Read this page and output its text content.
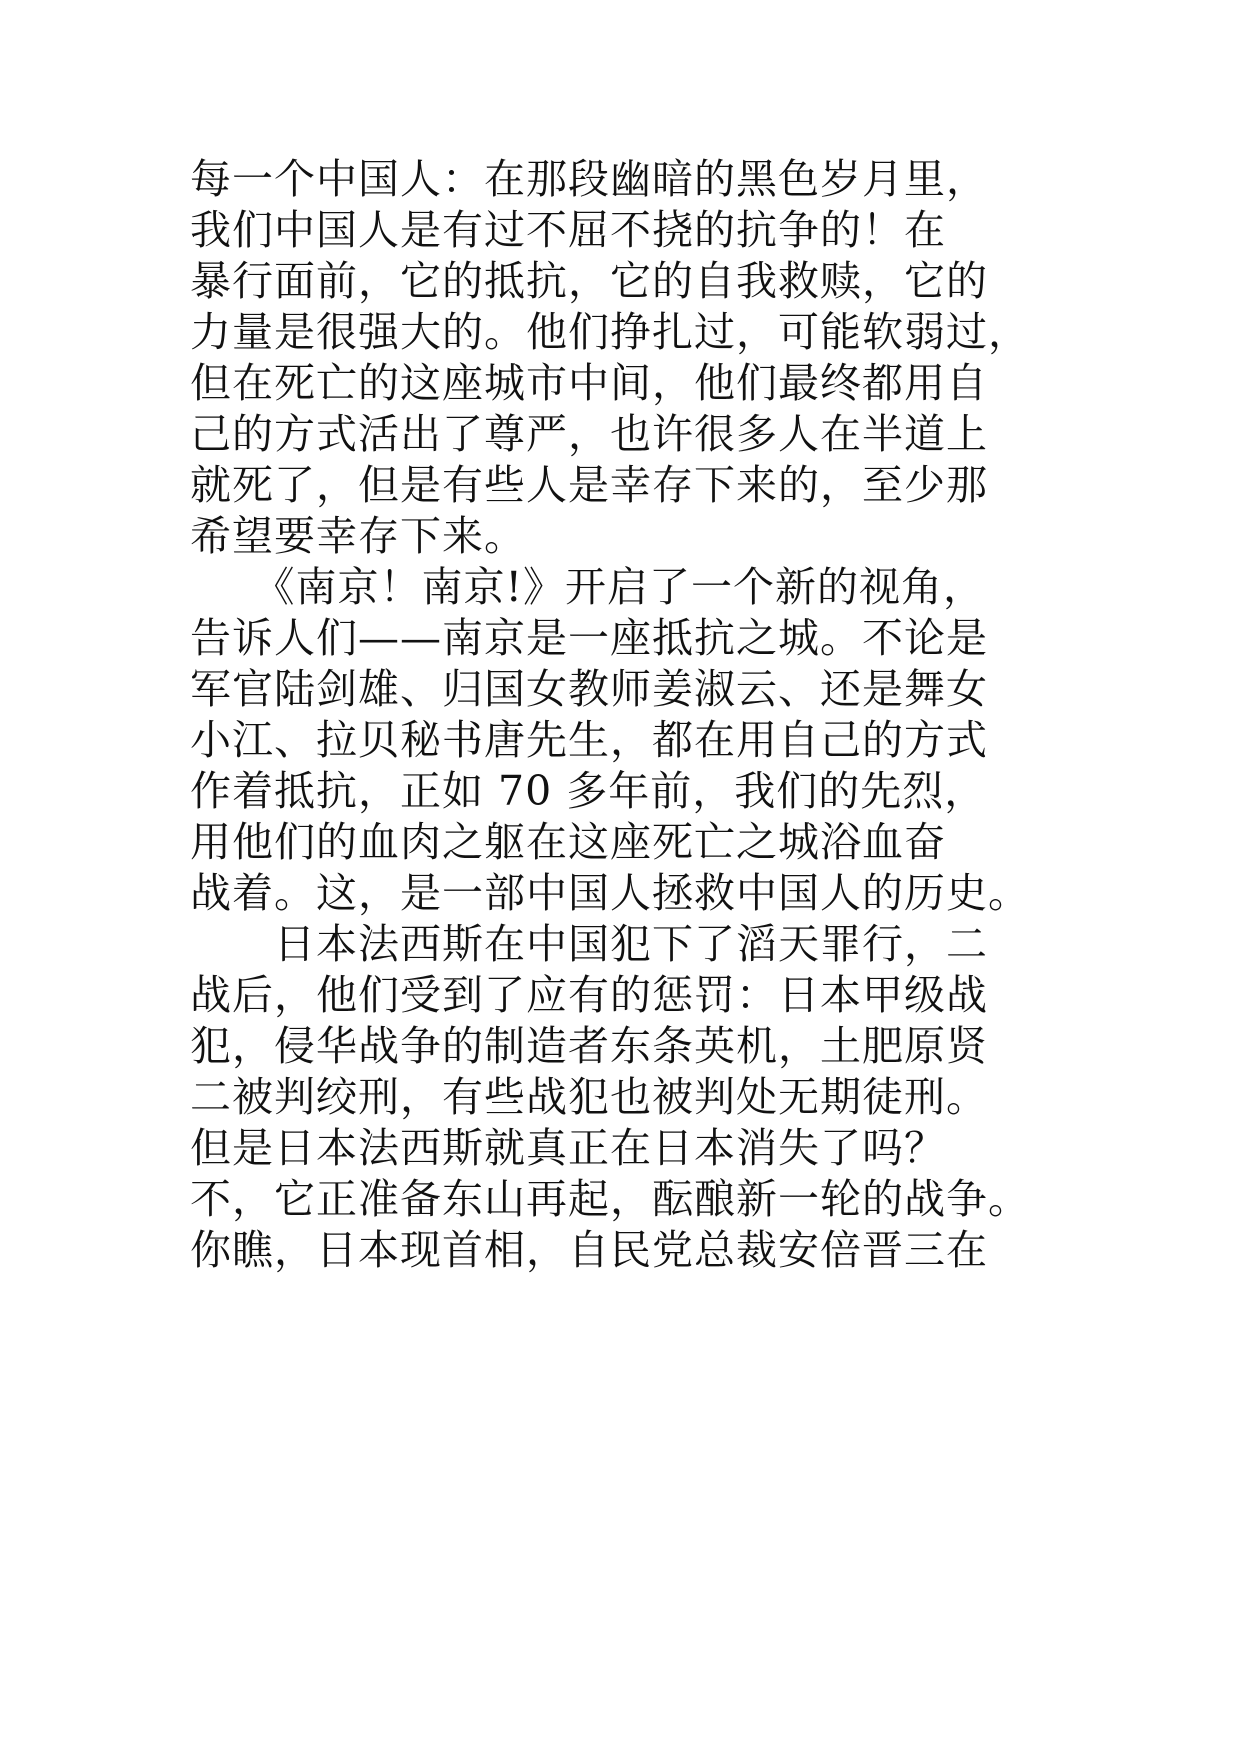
每一个中国人：在那段幽暗的黑色岁月里，
我们中国人是有过不屈不挠的抗争的！在
暴行面前，它的抵抗，它的自我救赎，它的
力量是很强大的。他们挣扎过，可能软弱过，
但在死亡的这座城市中间，他们最终都用自
己的方式活出了尊严，也许很多人在半道上
就死了，但是有些人是幸存下来的，至少那
希望要幸存下来。
　　《南京！南京!》开启了一个新的视角，
告诉人们——南京是一座抵抗之城。不论是
军官陆剑雄、归国女教师姜淑云、还是舞女
小江、拉贝秘书唐先生，都在用自己的方式
作着抵抗，正如 70 多年前，我们的先烈，
用他们的血肉之躯在这座死亡之城浴血奋
战着。这，是一部中国人拯救中国人的历史。
　　日本法西斯在中国犯下了滔天罪行，二
战后，他们受到了应有的惩罚：日本甲级战
犯，侵华战争的制造者东条英机，土肥原贤
二被判绞刑，有些战犯也被判处无期徒刑。
但是日本法西斯就真正在日本消失了吗？
不，它正准备东山再起，酝酿新一轮的战争。
你瞧，日本现首相，自民党总裁安倍晋三在
